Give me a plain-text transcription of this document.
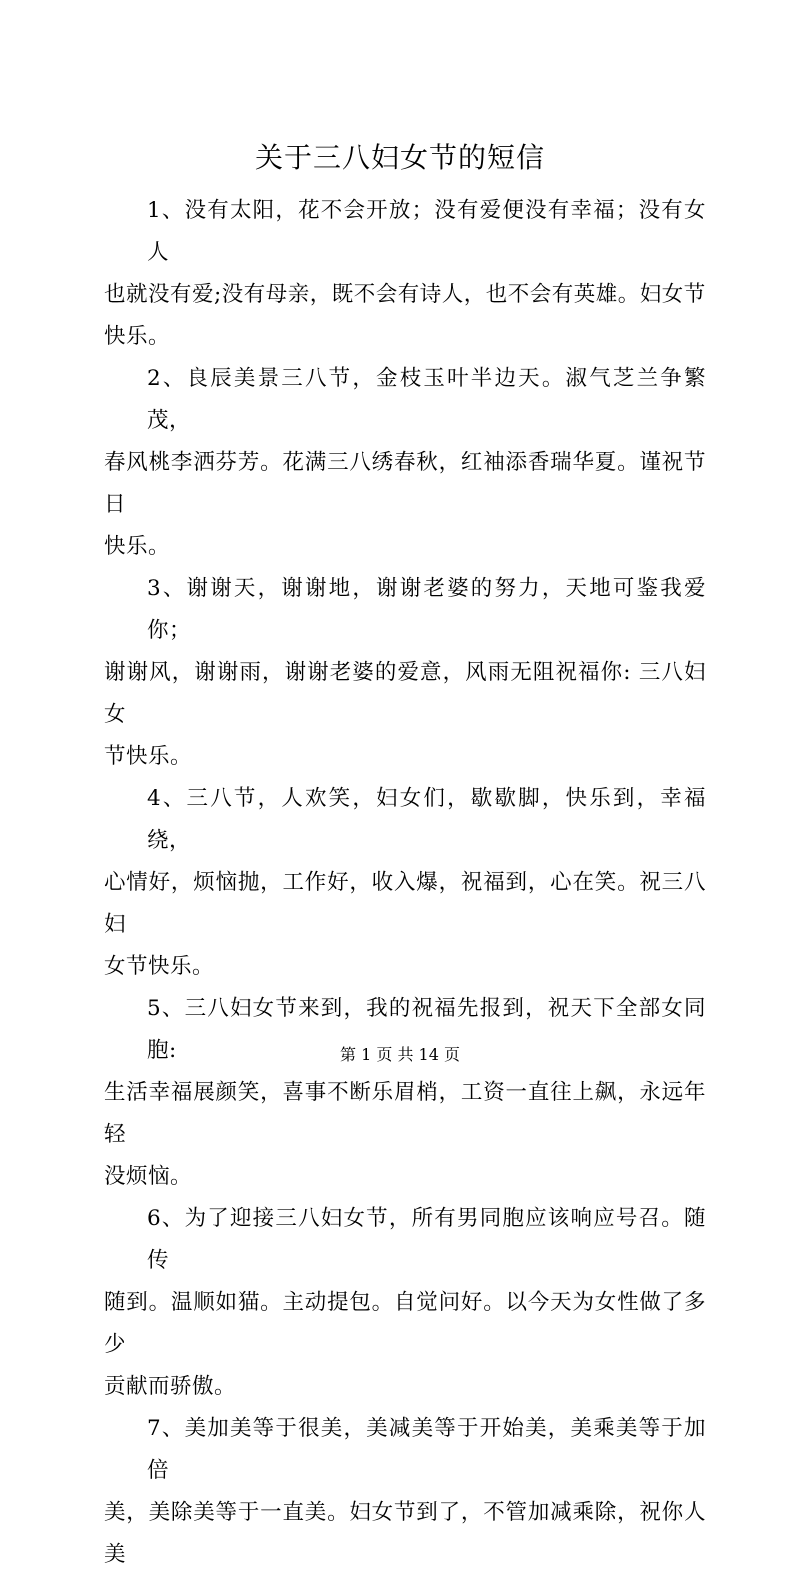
关于三八妇女节的短信

1、没有太阳，花不会开放；没有爱便没有幸福；没有女人
也就没有爱;没有母亲，既不会有诗人，也不会有英雄。妇女节
快乐。

2、良辰美景三八节，金枝玉叶半边天。淑气芝兰争繁茂，
春风桃李洒芬芳。花满三八绣春秋，红袖添香瑞华夏。谨祝节日
快乐。

3、谢谢天，谢谢地，谢谢老婆的努力，天地可鉴我爱你；
谢谢风，谢谢雨，谢谢老婆的爱意，风雨无阻祝福你: 三八妇女
节快乐。

4、三八节，人欢笑，妇女们，歇歇脚，快乐到，幸福绕，
心情好，烦恼抛，工作好，收入爆，祝福到，心在笑。祝三八妇
女节快乐。

5、三八妇女节来到，我的祝福先报到，祝天下全部女同胞:
生活幸福展颜笑，喜事不断乐眉梢，工资一直往上飙，永远年轻
没烦恼。

6、为了迎接三八妇女节，所有男同胞应该响应号召。随传
随到。温顺如猫。主动提包。自觉问好。以今天为女性做了多少
贡献而骄傲。

7、美加美等于很美，美减美等于开始美，美乘美等于加倍
美，美除美等于一直美。妇女节到了，不管加减乘除，祝你人美

第 1 页 共 14 页
